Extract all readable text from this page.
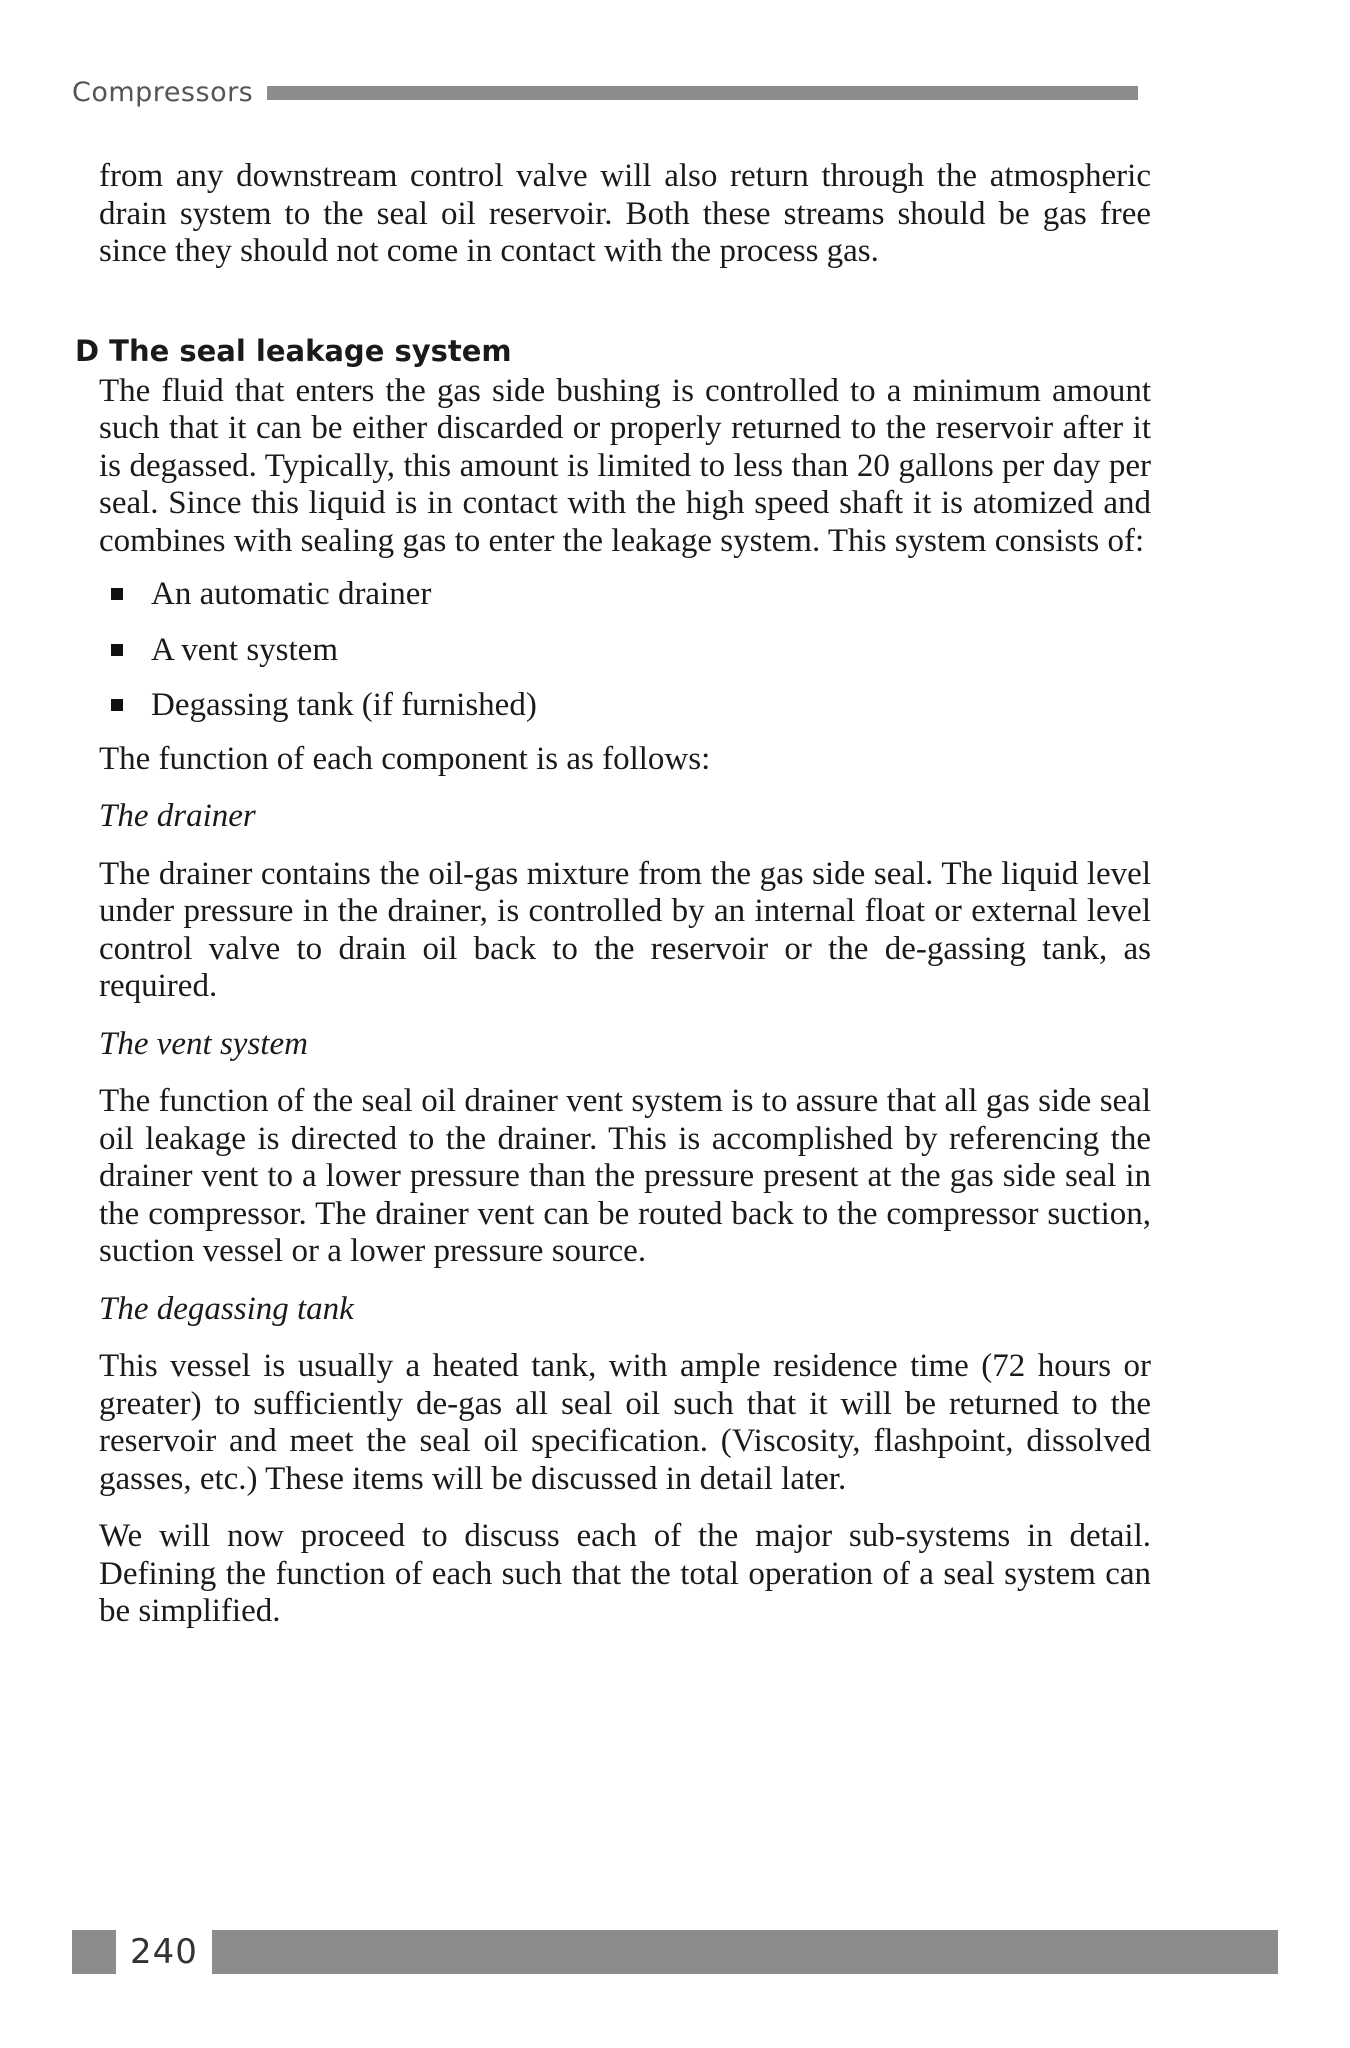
Compressors

from any downstream control valve will also return through the atmospheric drain system to the seal oil reservoir. Both these streams should be gas free since they should not come in contact with the process gas.

D The seal leakage system

The fluid that enters the gas side bushing is controlled to a minimum amount such that it can be either discarded or properly returned to the reservoir after it is degassed. Typically, this amount is limited to less than 20 gallons per day per seal. Since this liquid is in contact with the high speed shaft it is atomized and combines with sealing gas to enter the leakage system. This system consists of:

An automatic drainer
A vent system
Degassing tank (if furnished)

The function of each component is as follows:

The drainer

The drainer contains the oil-gas mixture from the gas side seal. The liquid level under pressure in the drainer, is controlled by an internal float or external level control valve to drain oil back to the reservoir or the de-gassing tank, as required.

The vent system

The function of the seal oil drainer vent system is to assure that all gas side seal oil leakage is directed to the drainer. This is accomplished by referencing the drainer vent to a lower pressure than the pressure present at the gas side seal in the compressor. The drainer vent can be routed back to the compressor suction, suction vessel or a lower pressure source.

The degassing tank

This vessel is usually a heated tank, with ample residence time (72 hours or greater) to sufficiently de-gas all seal oil such that it will be returned to the reservoir and meet the seal oil specification. (Viscosity, flashpoint, dissolved gasses, etc.) These items will be discussed in detail later.

We will now proceed to discuss each of the major sub-systems in detail. Defining the function of each such that the total operation of a seal system can be simplified.

240
